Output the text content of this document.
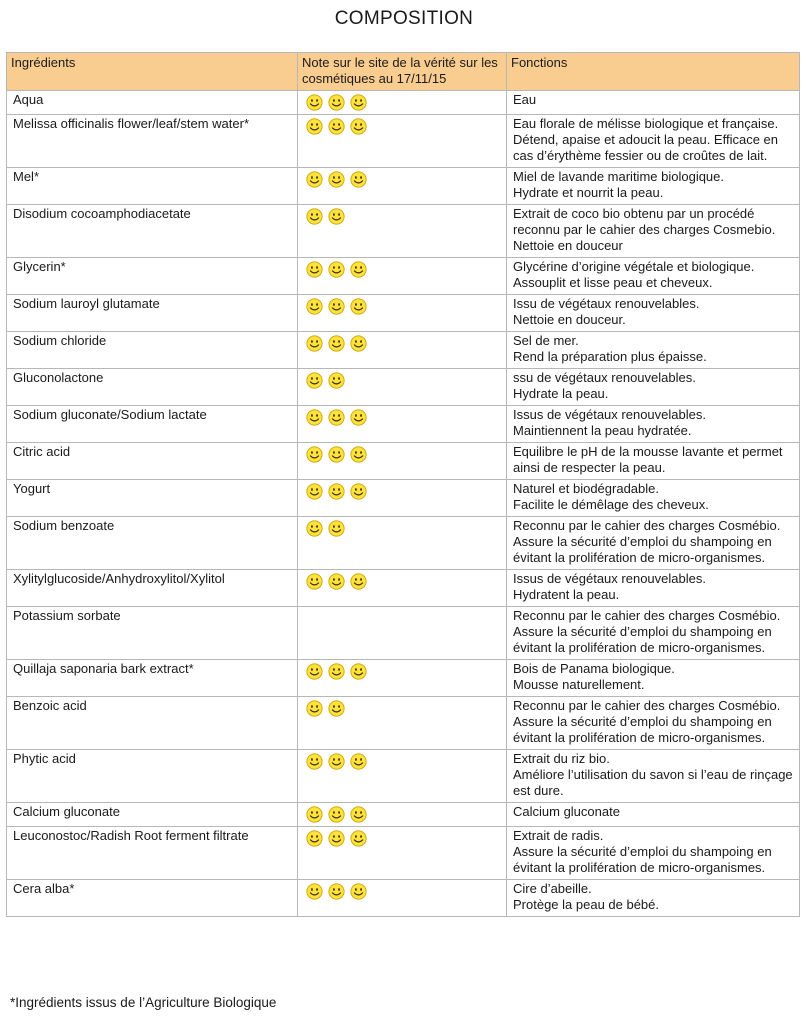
COMPOSITION
Ingrédients	Note sur le site de la vérité sur les cosmétiques au 17/11/15	Fonctions
Aqua		Eau

Melissa officinalis flower/leaf/stem water*		Eau florale de mélisse biologique et française. Détend, apaise et adoucit la peau. Efficace en cas d’érythème fessier ou de croûtes de lait.

Mel*		Miel de lavande maritime biologique.
Hydrate et nourrit la peau.

Disodium cocoamphodiacetate		Extrait de coco bio obtenu par un procédé reconnu par le cahier des charges Cosmebio.
Nettoie en douceur

Glycerin*		Glycérine d’origine végétale et biologique.
Assouplit et lisse peau et cheveux.

Sodium lauroyl glutamate		Issu de végétaux renouvelables.
Nettoie en douceur.

Sodium chloride		Sel de mer.
Rend la préparation plus épaisse.

Gluconolactone		ssu de végétaux renouvelables.
Hydrate la peau.

Sodium gluconate/Sodium lactate		Issus de végétaux renouvelables.
Maintiennent la peau hydratée.

Citric acid		Equilibre le pH de la mousse lavante et permet ainsi de respecter la peau.

Yogurt		Naturel et biodégradable.
Facilite le démêlage des cheveux.

Sodium benzoate		Reconnu par le cahier des charges Cosmébio.
Assure la sécurité d’emploi du shampoing en évitant la prolifération de micro-organismes.

Xylitylglucoside/Anhydroxylitol/Xylitol		Issus de végétaux renouvelables.
Hydratent la peau.

Potassium sorbate		Reconnu par le cahier des charges Cosmébio.
Assure la sécurité d’emploi du shampoing en évitant la prolifération de micro-organismes.

Quillaja saponaria bark extract*		Bois de Panama biologique.
Mousse naturellement.

Benzoic acid		Reconnu par le cahier des charges Cosmébio.
Assure la sécurité d’emploi du shampoing en évitant la prolifération de micro-organismes.

Phytic acid		Extrait du riz bio.
Améliore l’utilisation du savon si l’eau de rinçage est dure.

Calcium gluconate		Calcium gluconate

Leuconostoc/Radish Root ferment filtrate		Extrait de radis.
Assure la sécurité d’emploi du shampoing en évitant la prolifération de micro-organismes.

Cera alba*		Cire d’abeille.
Protège la peau de bébé.
*Ingrédients issus de l’Agriculture Biologique
